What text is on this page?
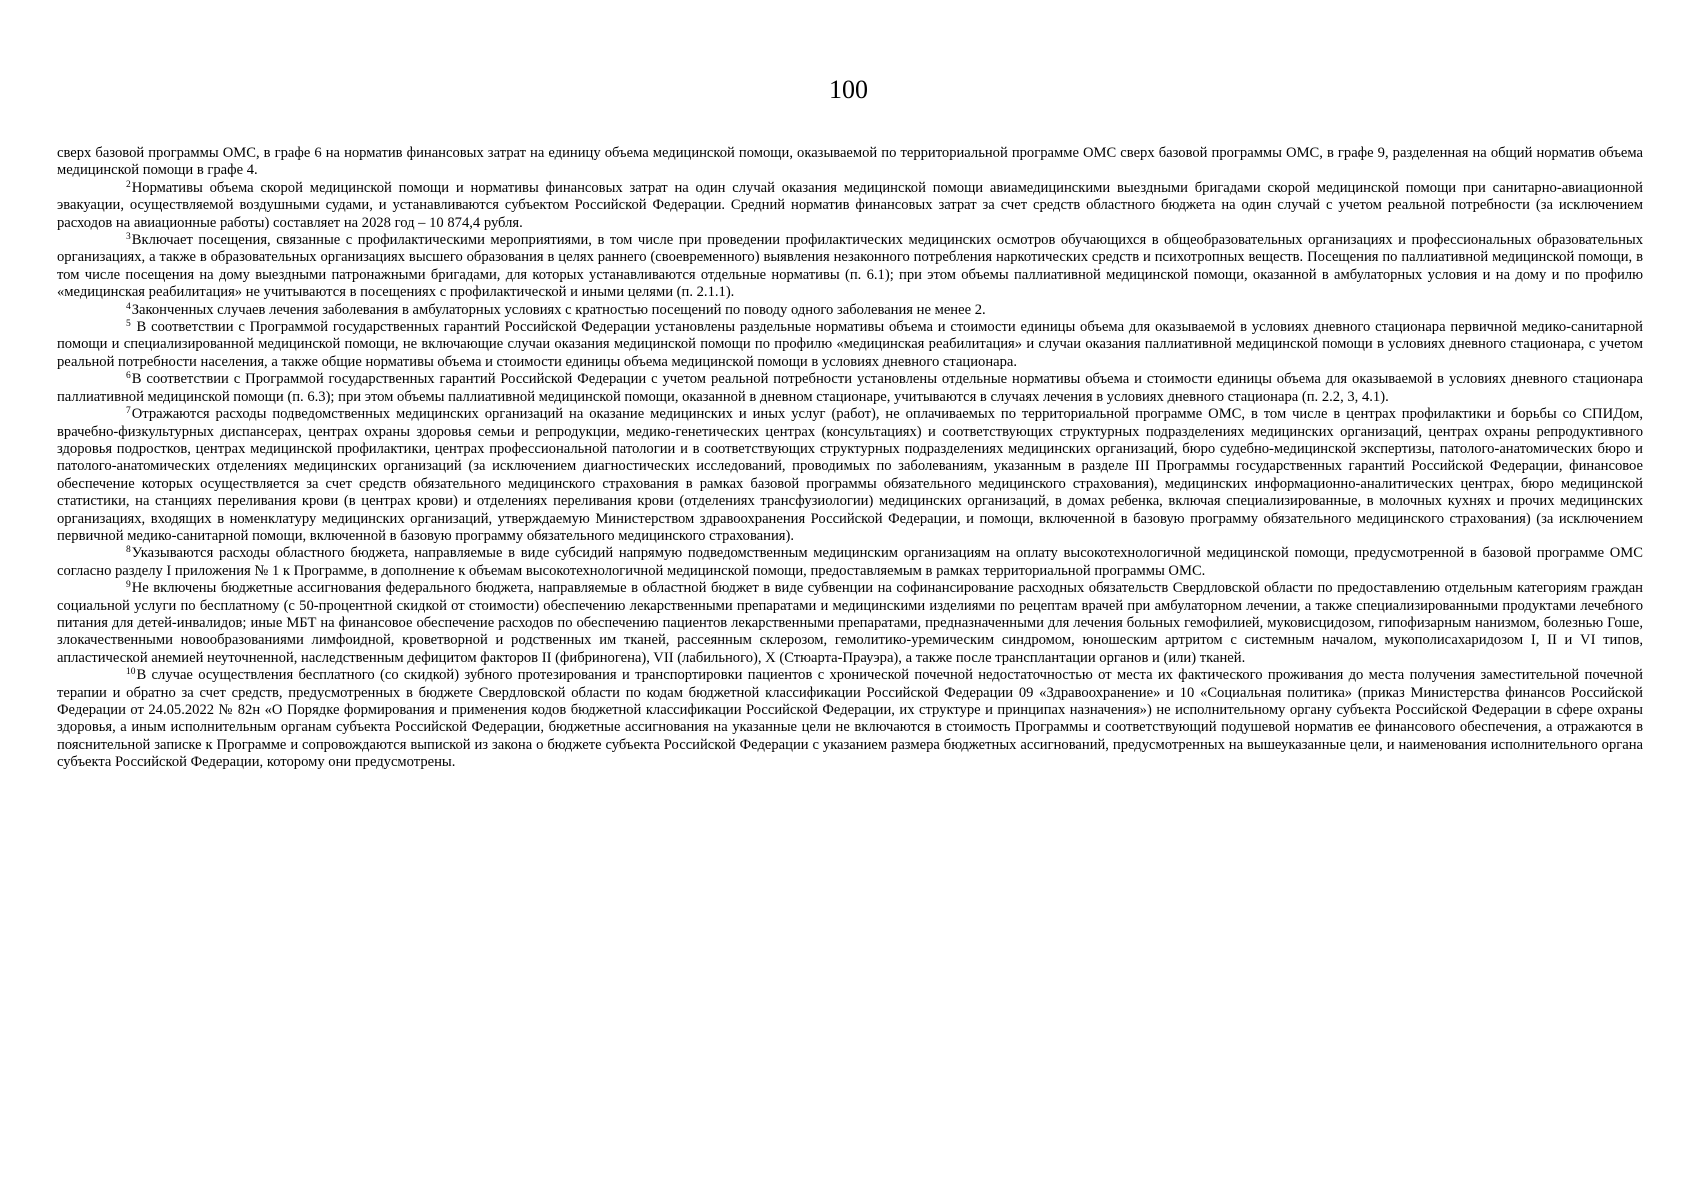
100

сверх базовой программы ОМС, в графе 6 на норматив финансовых затрат на единицу объема медицинской помощи, оказываемой по территориальной программе ОМС сверх базовой программы ОМС, в графе 9, разделенная на общий норматив объема медицинской помощи в графе 4.

$^2$Нормативы объема скорой медицинской помощи и нормативы финансовых затрат на один случай оказания медицинской помощи авиамедицинскими выездными бригадами скорой медицинской помощи при санитарно-авиационной эвакуации, осуществляемой воздушными судами, и устанавливаются субъектом Российской Федерации. Средний норматив финансовых затрат за счет средств областного бюджета на один случай с учетом реальной потребности (за исключением расходов на авиационные работы) составляет на 2028 год – 10 874,4 рубля.

$^3$Включает посещения, связанные с профилактическими мероприятиями, в том числе при проведении профилактических медицинских осмотров обучающихся в общеобразовательных организациях и профессиональных образовательных организациях, а также в образовательных организациях высшего образования в целях раннего (своевременного) выявления незаконного потребления наркотических средств и психотропных веществ. Посещения по паллиативной медицинской помощи, в том числе посещения на дому выездными патронажными бригадами, для которых устанавливаются отдельные нормативы (п. 6.1); при этом объемы паллиативной медицинской помощи, оказанной в амбулаторных условия и на дому и по профилю «медицинская реабилитация» не учитываются в посещениях с профилактической и иными целями (п. 2.1.1).

$^4$Законченных случаев лечения заболевания в амбулаторных условиях с кратностью посещений по поводу одного заболевания не менее 2.

$^5$ В соответствии с Программой государственных гарантий Российской Федерации установлены раздельные нормативы объема и стоимости единицы объема для оказываемой в условиях дневного стационара первичной медико-санитарной помощи и специализированной медицинской помощи, не включающие случаи оказания медицинской помощи по профилю «медицинская реабилитация» и случаи оказания паллиативной медицинской помощи в условиях дневного стационара, с учетом реальной потребности населения, а также общие нормативы объема и стоимости единицы объема медицинской помощи в условиях дневного стационара.

$^6$В соответствии с Программой государственных гарантий Российской Федерации с учетом реальной потребности установлены отдельные нормативы объема и стоимости единицы объема для оказываемой в условиях дневного стационара паллиативной медицинской помощи (п. 6.3); при этом объемы паллиативной медицинской помощи, оказанной в дневном стационаре, учитываются в случаях лечения в условиях дневного стационара (п. 2.2, 3, 4.1).

$^7$Отражаются расходы подведомственных медицинских организаций на оказание медицинских и иных услуг (работ), не оплачиваемых по территориальной программе ОМС, в том числе в центрах профилактики и борьбы со СПИДом, врачебно-физкультурных диспансерах, центрах охраны здоровья семьи и репродукции, медико-генетических центрах (консультациях) и соответствующих структурных подразделениях медицинских организаций, центрах охраны репродуктивного здоровья подростков, центрах медицинской профилактики, центрах профессиональной патологии и в соответствующих структурных подразделениях медицинских организаций, бюро судебно-медицинской экспертизы, патолого-анатомических бюро и патолого-анатомических отделениях медицинских организаций (за исключением диагностических исследований, проводимых по заболеваниям, указанным в разделе III Программы государственных гарантий Российской Федерации, финансовое обеспечение которых осуществляется за счет средств обязательного медицинского страхования в рамках базовой программы обязательного медицинского страхования), медицинских информационно-аналитических центрах, бюро медицинской статистики, на станциях переливания крови (в центрах крови) и отделениях переливания крови (отделениях трансфузиологии) медицинских организаций, в домах ребенка, включая специализированные, в молочных кухнях и прочих медицинских организациях, входящих в номенклатуру медицинских организаций, утверждаемую Министерством здравоохранения Российской Федерации, и помощи, включенной в базовую программу обязательного медицинского страхования) (за исключением первичной медико-санитарной помощи, включенной в базовую программу обязательного медицинского страхования).

$^8$Указываются расходы областного бюджета, направляемые в виде субсидий напрямую подведомственным медицинским организациям на оплату высокотехнологичной медицинской помощи, предусмотренной в базовой программе ОМС согласно разделу I приложения № 1 к Программе, в дополнение к объемам высокотехнологичной медицинской помощи, предоставляемым в рамках территориальной программы ОМС.

$^9$Не включены бюджетные ассигнования федерального бюджета, направляемые в областной бюджет в виде субвенции на софинансирование расходных обязательств Свердловской области по предоставлению отдельным категориям граждан социальной услуги по бесплатному (с 50-процентной скидкой от стоимости) обеспечению лекарственными препаратами и медицинскими изделиями по рецептам врачей при амбулаторном лечении, а также специализированными продуктами лечебного питания для детей-инвалидов; иные МБТ на финансовое обеспечение расходов по обеспечению пациентов лекарственными препаратами, предназначенными для лечения больных гемофилией, муковисцидозом, гипофизарным нанизмом, болезнью Гоше, злокачественными новообразованиями лимфоидной, кроветворной и родственных им тканей, рассеянным склерозом, гемолитико-уремическим синдромом, юношеским артритом с системным началом, мукополисахаридозом I, II и VI типов, апластической анемией неуточненной, наследственным дефицитом факторов II (фибриногена), VII (лабильного), X (Стюарта-Прауэра), а также после трансплантации органов и (или) тканей.

$^{10}$В случае осуществления бесплатного (со скидкой) зубного протезирования и транспортировки пациентов с хронической почечной недостаточностью от места их фактического проживания до места получения заместительной почечной терапии и обратно за счет средств, предусмотренных в бюджете Свердловской области по кодам бюджетной классификации Российской Федерации 09 «Здравоохранение» и 10 «Социальная политика» (приказ Министерства финансов Российской Федерации от 24.05.2022 № 82н «О Порядке формирования и применения кодов бюджетной классификации Российской Федерации, их структуре и принципах назначения») не исполнительному органу субъекта Российской Федерации в сфере охраны здоровья, а иным исполнительным органам субъекта Российской Федерации, бюджетные ассигнования на указанные цели не включаются в стоимость Программы и соответствующий подушевой норматив ее финансового обеспечения, а отражаются в пояснительной записке к Программе и сопровождаются выпиской из закона о бюджете субъекта Российской Федерации с указанием размера бюджетных ассигнований, предусмотренных на вышеуказанные цели, и наименования исполнительного органа субъекта Российской Федерации, которому они предусмотрены.
